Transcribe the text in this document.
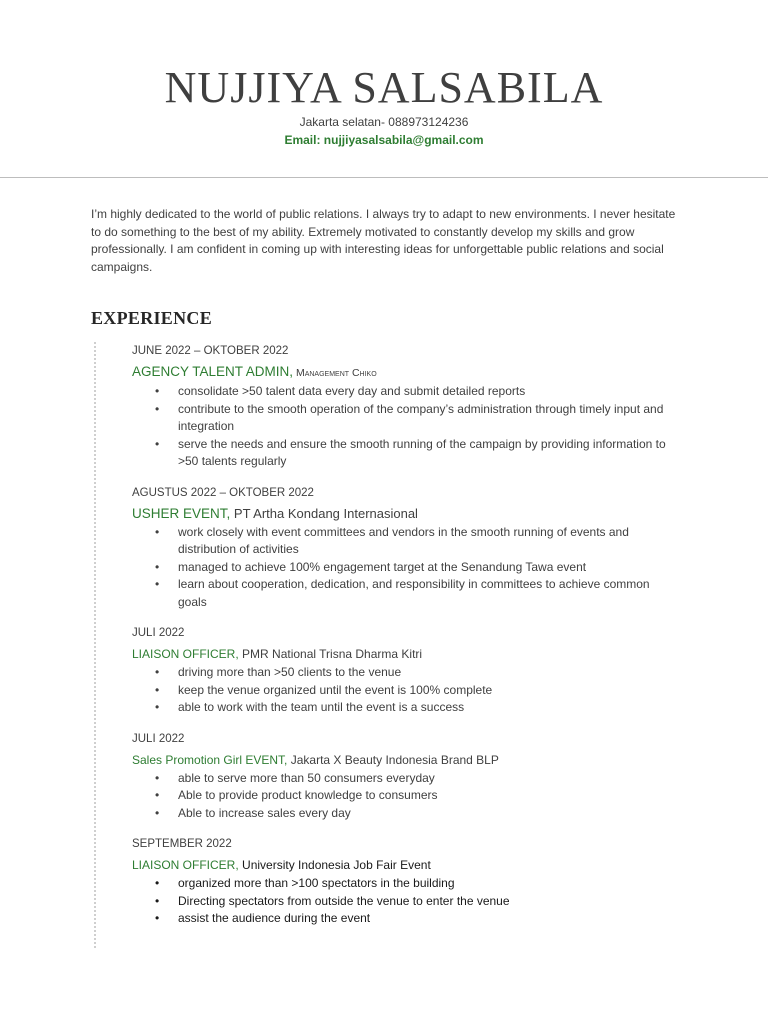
NUJJIYA SALSABILA
Jakarta selatan- 088973124236
Email: nujjiyasalsabila@gmail.com
I’m highly dedicated to the world of public relations. I always try to adapt to new environments. I never hesitate to do something to the best of my ability. Extremely motivated to constantly develop my skills and grow professionally. I am confident in coming up with interesting ideas for unforgettable public relations and social campaigns.
EXPERIENCE
JUNE 2022 – OKTOBER 2022
AGENCY TALENT ADMIN, Management Chiko
• consolidate >50 talent data every day and submit detailed reports
• contribute to the smooth operation of the company’s administration through timely input and integration
• serve the needs and ensure the smooth running of the campaign by providing information to >50 talents regularly
AGUSTUS 2022 – OKTOBER 2022
USHER EVENT, PT Artha Kondang Internasional
• work closely with event committees and vendors in the smooth running of events and distribution of activities
• managed to achieve 100% engagement target at the Senandung Tawa event
• learn about cooperation, dedication, and responsibility in committees to achieve common goals
JULI 2022
LIAISON OFFICER, PMR National Trisna Dharma Kitri
• driving more than >50 clients to the venue
• keep the venue organized until the event is 100% complete
• able to work with the team until the event is a success
JULI 2022
Sales Promotion Girl EVENT, Jakarta X Beauty Indonesia Brand BLP
• able to serve more than 50 consumers everyday
• Able to provide product knowledge to consumers
• Able to increase sales every day
SEPTEMBER 2022
LIAISON OFFICER, University Indonesia Job Fair Event
• organized more than >100 spectators in the building
• Directing spectators from outside the venue to enter the venue
• assist the audience during the event
